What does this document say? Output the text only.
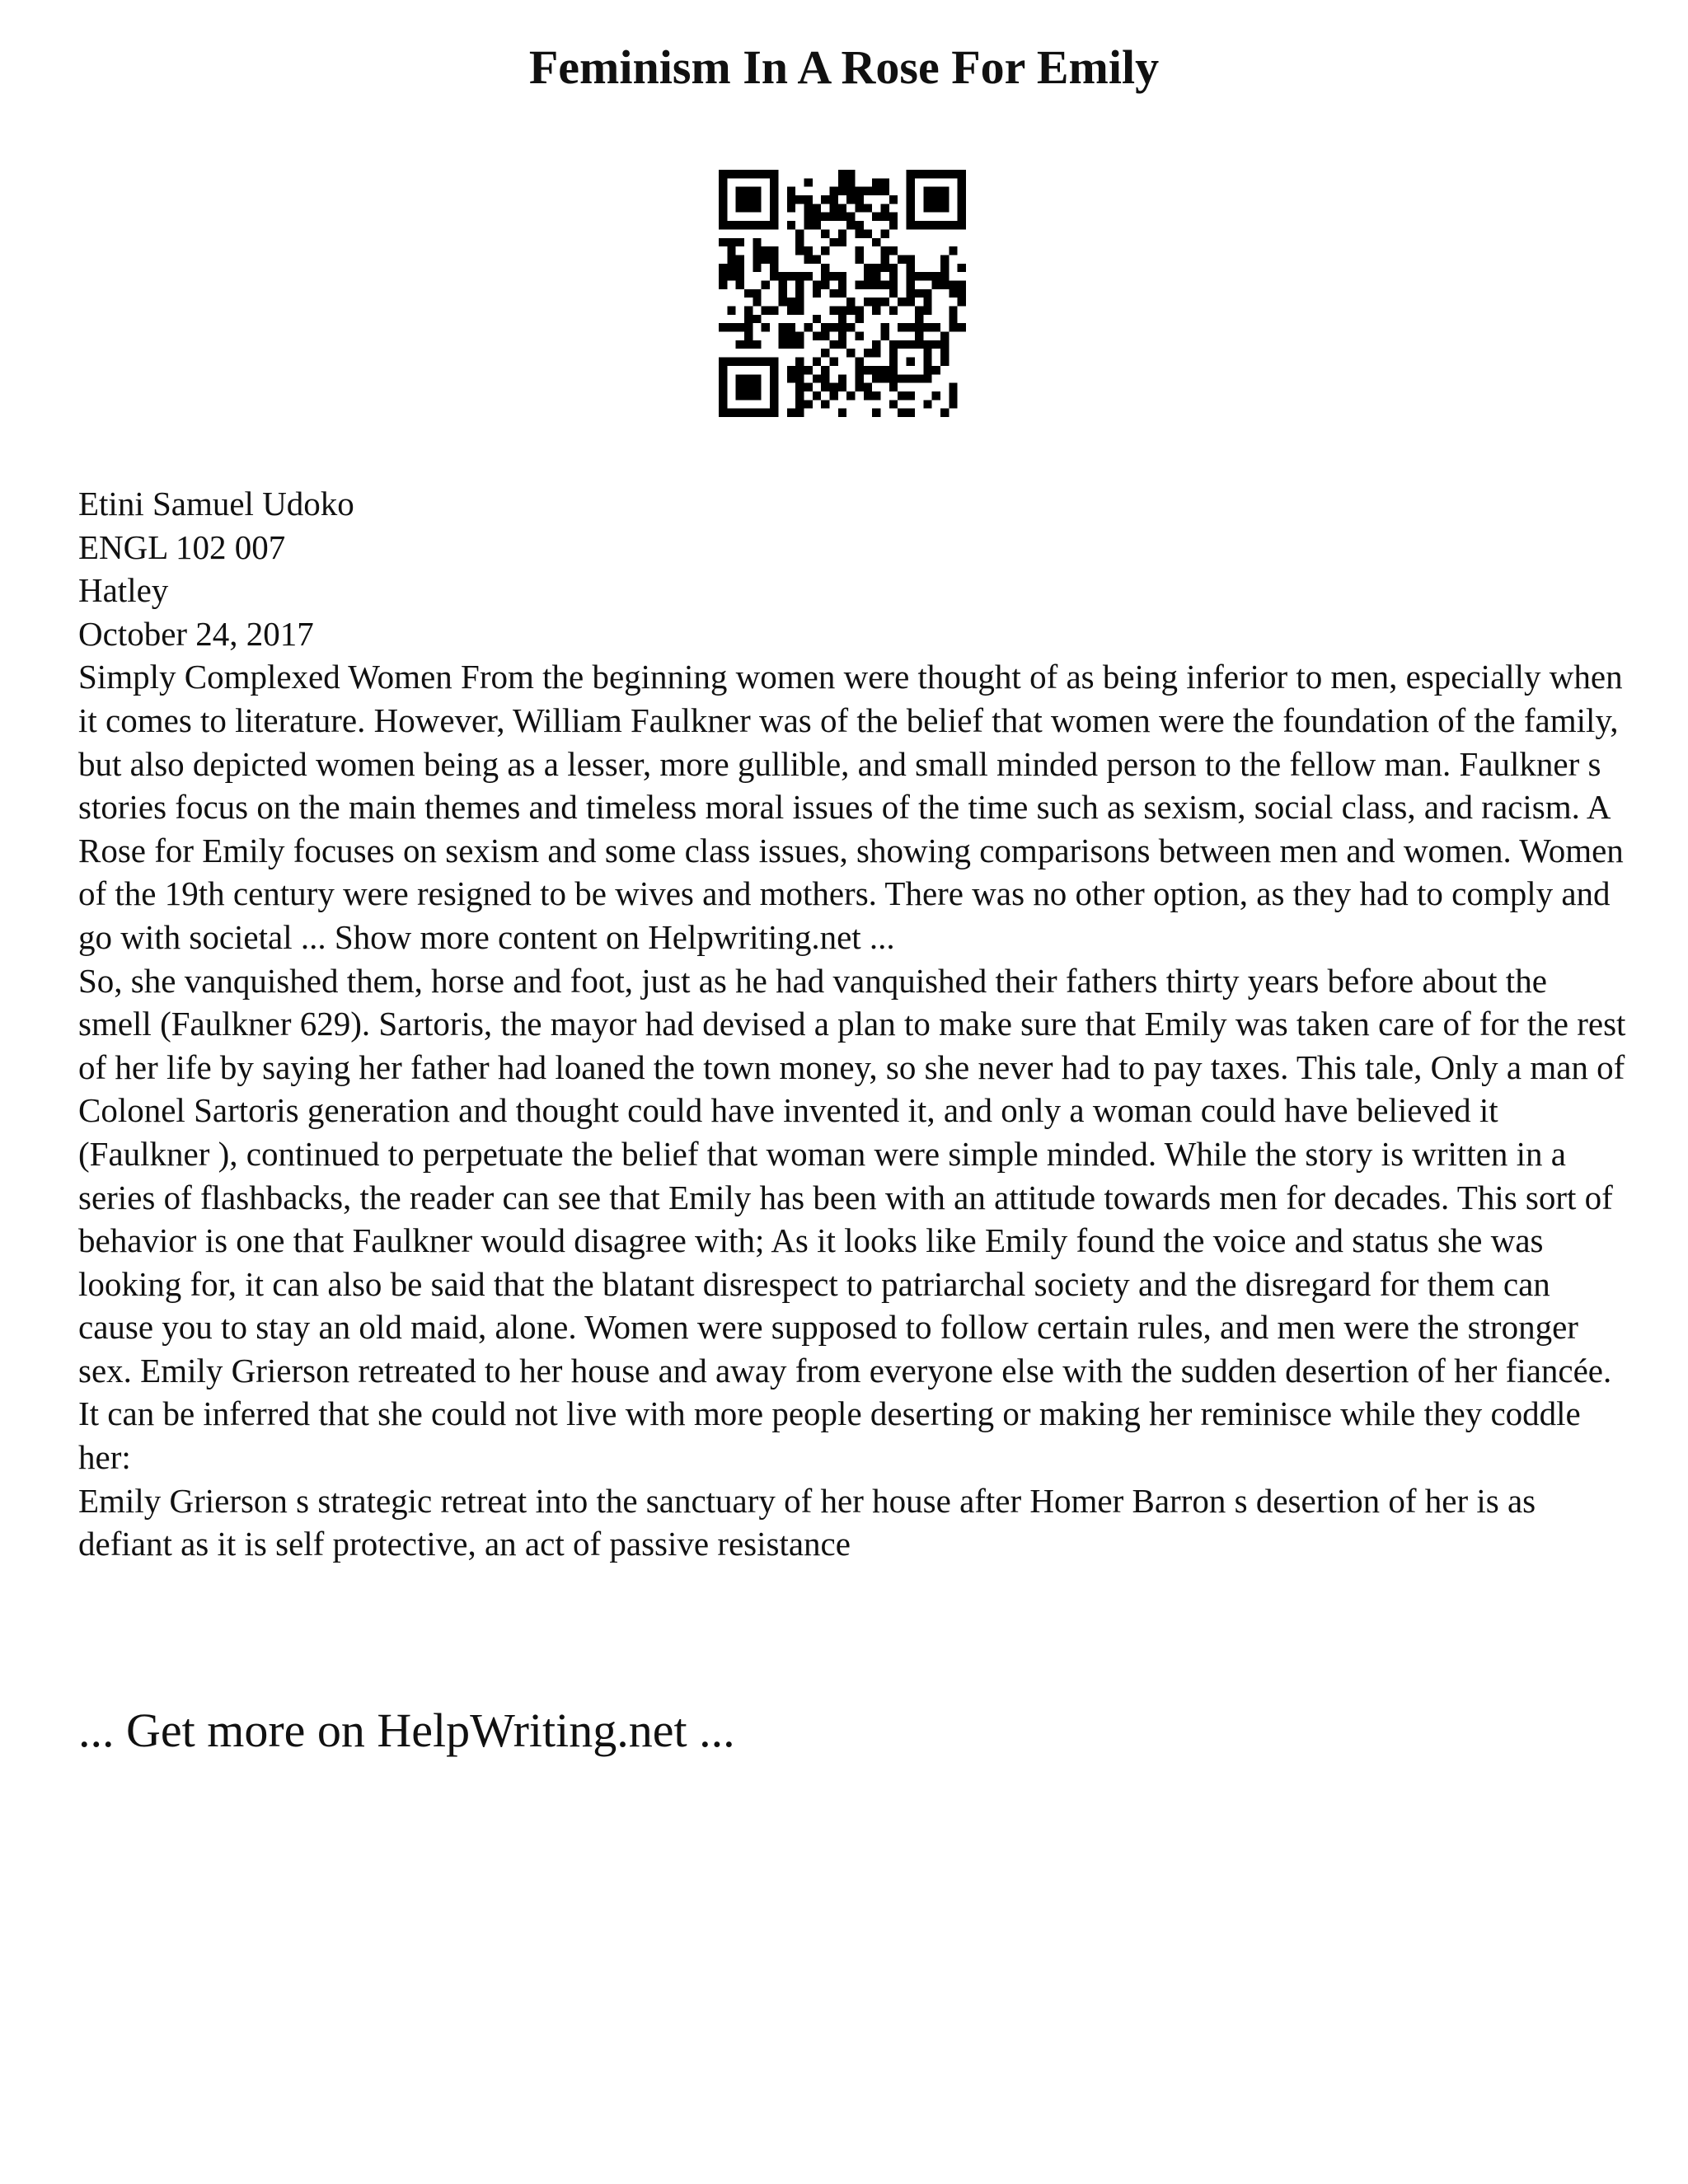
Feminism In A Rose For Emily

Etini Samuel Udoko

ENGL 102 007

Hatley

October 24, 2017

Simply Complexed Women From the beginning women were thought of as being inferior to men, especially when it comes to literature. However, William Faulkner was of the belief that women were the foundation of the family, but also depicted women being as a lesser, more gullible, and small minded person to the fellow man. Faulkner s stories focus on the main themes and timeless moral issues of the time such as sexism, social class, and racism. A Rose for Emily focuses on sexism and some class issues, showing comparisons between men and women. Women of the 19th century were resigned to be wives and mothers. There was no other option, as they had to comply and go with societal ... Show more content on Helpwriting.net ...

So, she vanquished them, horse and foot, just as he had vanquished their fathers thirty years before about the smell (Faulkner 629). Sartoris, the mayor had devised a plan to make sure that Emily was taken care of for the rest of her life by saying her father had loaned the town money, so she never had to pay taxes. This tale, Only a man of Colonel Sartoris generation and thought could have invented it, and only a woman could have believed it (Faulkner ), continued to perpetuate the belief that woman were simple minded. While the story is written in a series of flashbacks, the reader can see that Emily has been with an attitude towards men for decades. This sort of behavior is one that Faulkner would disagree with; As it looks like Emily found the voice and status she was looking for, it can also be said that the blatant disrespect to patriarchal society and the disregard for them can cause you to stay an old maid, alone. Women were supposed to follow certain rules, and men were the stronger sex. Emily Grierson retreated to her house and away from everyone else with the sudden desertion of her fiancée. It can be inferred that she could not live with more people deserting or making her reminisce while they coddle her:

Emily Grierson s strategic retreat into the sanctuary of her house after Homer Barron s desertion of her is as defiant as it is self protective, an act of passive resistance

... Get more on HelpWriting.net ...
